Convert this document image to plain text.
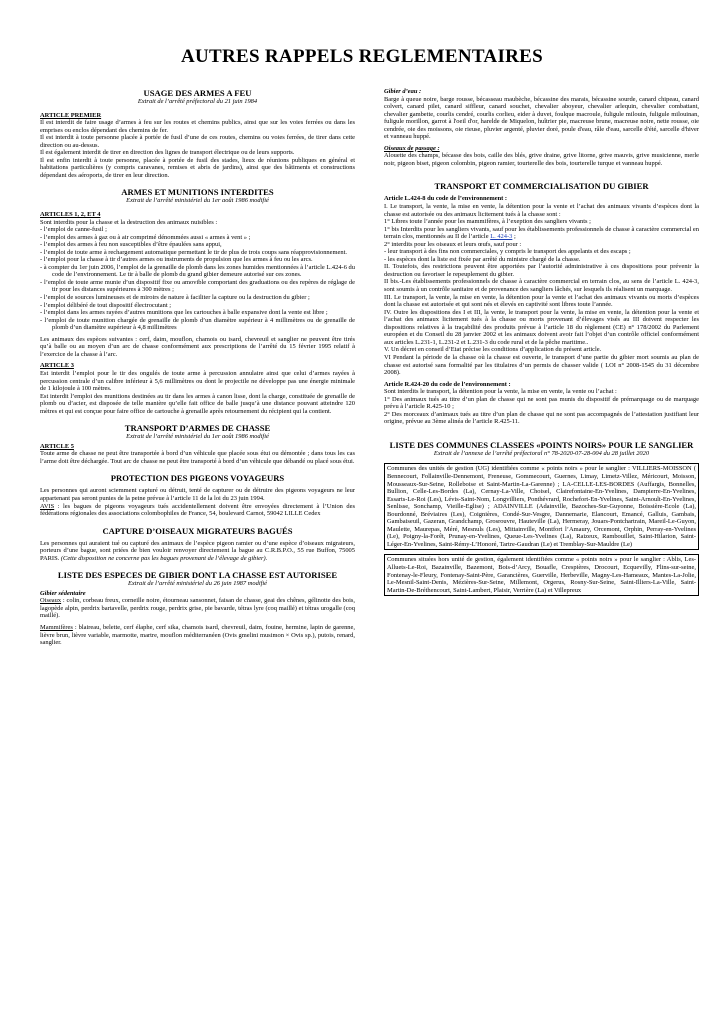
AUTRES RAPPELS REGLEMENTAIRES

USAGE DES ARMES A FEU

Extrait de l’arrêté préfectoral du 21 juin 1984

ARTICLE PREMIER

Il est interdit de faire usage d’armes à feu sur les routes et chemins publics, ainsi que sur les voies ferrées ou dans les emprises ou enclos dépendant des chemins de fer.

Il est interdit à toute personne placée à portée de fusil d’une de ces routes, chemins ou voies ferrées, de tirer dans cette direction ou au-dessus.

Il est également interdit de tirer en direction des lignes de transport électrique ou de leurs supports.

Il est enfin interdit à toute personne, placée à portée de fusil des stades, lieux de réunions publiques en général et habitations particulières (y compris caravanes, remises et abris de jardins), ainsi que des bâtiments et constructions dépendant des aéroports, de tirer en leur direction.

ARMES ET MUNITIONS INTERDITES

Extrait de l’arrêté ministériel du 1er août 1986 modifié

ARTICLES 1, 2, ET 4

Sont interdits pour la chasse et la destruction des animaux nuisibles :

- l’emploi de canne-fusil ;

- l’emploi des armes à gaz ou à air comprimé dénommées aussi « armes à vent » ;

- l’emploi des armes à feu non susceptibles d’être épaulées sans appui,

- l’emploi de toute arme à rechargement automatique permettant le tir de plus de trois coups sans réapprovisionnement.

- l’emploi pour la chasse à tir d’autres armes ou instruments de propulsion que les armes à feu ou les arcs.

- à compter du 1er juin 2006, l’emploi de la grenaille de plomb dans les zones humides mentionnées à l’article L.424-6 du code de l’environnement. Le tir à balle de plomb du grand gibier demeure autorisé sur ces zones.

- l’emploi de toute arme munie d’un dispositif fixe ou amovible comportant des graduations ou des repères de réglage de tir pour les distances supérieures à 300 mètres ;

- l’emploi de sources lumineuses et de miroirs de nature à faciliter la capture ou la destruction du gibier ;

- l’emploi délibéré de tout dispositif électrocutant ;

- l’emploi dans les armes rayées d’autres munitions que les cartouches à balle expansive dont la vente est libre ;

- l’emploi de toute munition chargée de grenaille de plomb d’un diamètre supérieur à 4 millimètres ou de grenaille de plomb d’un diamètre supérieur à 4,8 millimètres

Les animaux des espèces suivantes : cerf, daim, mouflon, chamois ou isard, chevreuil et sanglier ne peuvent être tirés qu’à balle ou au moyen d’un arc de chasse conformément aux prescriptions de l’arrêté du 15 février 1995 relatif à l’exercice de la chasse à l’arc.

ARTICLE 3

Est interdit l’emploi pour le tir des ongulés de toute arme à percussion annulaire ainsi que celui d’armes rayées à percussion centrale d’un calibre inférieur à 5,6 millimètres ou dont le projectile ne développe pas une énergie minimale de 1 kilojoule à 100 mètres.

Est interdit l’emploi des munitions destinées au tir dans les armes à canon lisse, dont la charge, constituée de grenaille de plomb ou d’acier, est disposée de telle manière qu’elle fait office de balle jusqu’à une distance pouvant atteindre 120 mètres et qui est conçue pour faire office de cartouche à grenaille après retournement du récipient qui la contient.

TRANSPORT D’ARMES DE CHASSE

Extrait de l’arrêté ministériel du 1er août 1986 modifié

ARTICLE 5

Toute arme de chasse ne peut être transportée à bord d’un véhicule que placée sous étui ou démontée ; dans tous les cas l’arme doit être déchargée. Tout arc de chasse ne peut être transporté à bord d’un véhicule que débandé ou placé sous étui.

PROTECTION DES PIGEONS VOYAGEURS

Les personnes qui auront sciemment capturé ou détruit, tenté de capturer ou de détruire des pigeons voyageurs ne leur appartenant pas seront punies de la peine prévue à l’article 11 de la loi du 23 juin 1994.

AVIS : les bagues de pigeons voyageurs tués accidentellement doivent être envoyées directement à l’Union des fédérations régionales des associations colombophiles de France, 54, boulevard Carnot, 59042 LILLE Cedex

CAPTURE D’OISEAUX MIGRATEURS BAGUÉS

Les personnes qui auraient tué ou capturé des animaux de l’espèce pigeon ramier ou d’une espèce d’oiseaux migrateurs, porteurs d’une bague, sont priées de bien vouloir renvoyer directement la bague au C.R.B.P.O., 55 rue Buffon, 75005 PARIS. (Cette disposition ne concerne pas les bagues provenant de l’élevage de gibier).

LISTE DES ESPECES DE GIBIER DONT LA CHASSE EST AUTORISEE

Extrait de l’arrêté ministériel du 26 juin 1987 modifié

Gibier sédentaire

Oiseaux : colin, corbeau freux, corneille noire, étourneau sansonnet, faisan de chasse, geai des chênes, gélinotte des bois, lagopède alpin, perdrix bartavelle, perdrix rouge, perdrix grise, pie bavarde, tétras lyre (coq maillé) et tétras urogalle (coq maillé).

Mammifères : blaireau, belette, cerf élaphe, cerf sika, chamois isard, chevreuil, daim, fouine, hermine, lapin de garenne, lièvre brun, lièvre variable, marmotte, martre, mouflon méditerranéen (Ovis gmelini musimon × Ovis sp.), putois, renard, sanglier.

Gibier d’eau :

Barge à queue noire, barge rousse, bécasseau maubèche, bécassine des marais, bécassine sourde, canard chipeau, canard colvert, canard pilet, canard siffleur, canard souchet, chevalier aboyeur, chevalier arlequin, chevalier combattant, chevalier gambette, courlis cendré, courlis corlieu, eider à duvet, foulque macroule, fuligule milouin, fuligule milouinan, fuligule morillon, garrot à l'oeil d'or, harelde de Miquelon, huîtrier pie, macreuse brune, macreuse noire, nette rousse, oie cendrée, oie des moissons, oie rieuse, pluvier argenté, pluvier doré, poule d'eau, râle d'eau, sarcelle d'été, sarcelle d'hiver et vanneau huppé.

Oiseaux de passage :

Alouette des champs, bécasse des bois, caille des blés, grive draine, grive litorne, grive mauvis, grive musicienne, merle noir, pigeon biset, pigeon colombin, pigeon ramier, tourterelle des bois, tourterelle turque et vanneau huppé.

TRANSPORT ET COMMERCIALISATION DU GIBIER

Article L.424-8 du code de l’environnement :

I. Le transport, la vente, la mise en vente, la détention pour la vente et l’achat des animaux vivants d’espèces dont la chasse est autorisée ou des animaux licitement tués à la chasse sont :

1° Libres toute l’année pour les mammifères, à l’exeption des sangliers vivants ;

1° bis Interdits pour les sangliers vivants, sauf pour les établissements professionnels de chasse à caractère commercial en terrain clos, mentionnés au II de l’article L. 424-3 ;

2° interdits pour les oiseaux et leurs œufs, sauf pour :

- leur transport à des fins non commerciales, y compris le transport des appelants et des escaps ;

- les espèces dont la liste est fixée par arrêté du ministre chargé de la chasse.

II. Toutefois, des restrictions peuvent être apportées par l’autorité administrative à ces dispositions pour prévenir la destruction ou favoriser le repeuplement du gibier.

II bis.-Les établissements professionnels de chasse à caractère commercial en terrain clos, au sens de l’article L. 424-3, sont soumis à un contrôle sanitaire et de provenance des sangliers lâchés, sur lesquels ils réalisent un marquage.

III. Le transport, la vente, la mise en vente, la détention pour la vente et l’achat des animaux vivants ou morts d’espèces dont la chasse est autorisée et qui sont nés et élevés en captivité sont libres toute l’année.

IV. Outre les dispositions des I et III, la vente, le transport pour la vente, la mise en vente, la détention pour la vente et l’achat des animaux licitement tués à la chasse ou morts provenant d’élevages visés au III doivent respecter les dispositions relatives à la traçabilité des produits prévue à l’article 18 du règlement (CE) n° 178/2002 du Parlement européen et du Conseil du 28 janvier 2002 et les animaux doivent avoir fait l’objet d’un contrôle officiel conformément aux articles L.231-1, L.231-2 et L.231-3 du code rural et de la pêche maritime..

V. Un décret en conseil d’Etat précise les conditions d’application du présent article.

VI Pendant la période de la chasse où la chasse est ouverte, le transport d’une partie du gibier mort soumis au plan de chasse est autorisé sans formalité par les titulaires d’un permis de chasser valide ( LOI n° 2008-1545 du 31 décembre 2008).

Article R.424-20 du code de l’environnement :

Sont interdits le transport, la détention pour la vente, la mise en vente, la vente ou l’achat :

1° Des animaux tués au titre d’un plan de chasse qui ne sont pas munis du dispositif de prémarquage ou de marquage prévu à l’article R.425-10 ;

2° Des morceaux d’animaux tués au titre d’un plan de chasse qui ne sont pas accompagnés de l’attestation justifiant leur origine, prévue au 3ème alinéa de l’article R.425-11.

LISTE DES COMMUNES CLASSEES «POINTS NOIRS» POUR LE SANGLIER

Extrait de l’annexe de l’arrêté préfectoral n° 78-2020-07-28-004 du 28 juillet 2020

Communes des unités de gestion (UG) identifiées comme « points noirs » pour le sanglier : VILLIERS-MOISSON ( Bennecourt, Follainville-Dennemont, Freneuse, Gommecourt, Guernes, Limay, Limetz-Villez, Méricourt, Moisson, Mousseaux-Sur-Seine, Rolleboise et Saint-Martin-La-Garenne) ; LA-CELLE-LES-BORDES (Auffargis, Bonnelles, Bullion, Celle-Les-Bordes (La), Cernay-La-Ville, Choisel, Clairefontaine-En-Yvelines, Dampierre-En-Yvelines, Essarts-Le-Roi (Les), Lévis-Saint-Nom, Longvilliers, Ponthévrard, Rochefort-En-Yvelines, Saint-Arnoult-En-Yvelines, Senlisse, Sonchamp, Vieille-Eglise) ; ADAINVILLE (Adainville, Bazoches-Sur-Guyonne, Boissière-Ecole (La), Bourdonné, Bréviaires (Les), Coignières, Condé-Sur-Vesgre, Dannemarie, Elancourt, Emancé, Galluis, Gambais, Gambaiseuil, Gazeran, Grandchamp, Grosrouvre, Hauteville (La), Hermeray, Jouars-Pontchartrain, Mareil-Le-Guyon, Maulette, Maurepas, Méré, Mesnuls (Les), Mittainville, Montfort l’Amaury, Orcemont, Orphin, Perray-en-Yvelines (Le), Poigny-la-Forêt, Prunay-en-Yvelines, Queue-Les-Yvelines (La), Raizeux, Rambouillet, Saint-Hilarion, Saint-Léger-En-Yvelines, Saint-Rémy-L’Honoré, Tartre-Gaudran (Le) et Tremblay-Sur-Mauldre (Le)

Communes situées hors unité de gestion, également identifiées comme « points noirs » pour le sanglier : Ablis, Les-Alluets-Le-Roi, Bazainville, Bazemont, Bois-d’Arcy, Bouafle, Crespières, Drocourt, Ecquevilly, Flins-sur-seine, Fontenay-le-Fleury, Fontenay-Saint-Père, Garancières, Guerville, Herbeville, Magny-Les-Hameaux, Mantes-La-Jolie, Le-Mesnil-Saint-Denis, Mézières-Sur-Seine, Millemont, Orgerus, Rosny-Sur-Seine, Saint-Illiers-La-Ville, Saint-Martin-De-Bréthencourt, Saint-Lambert, Plaisir, Verrière (La) et Villepreux
